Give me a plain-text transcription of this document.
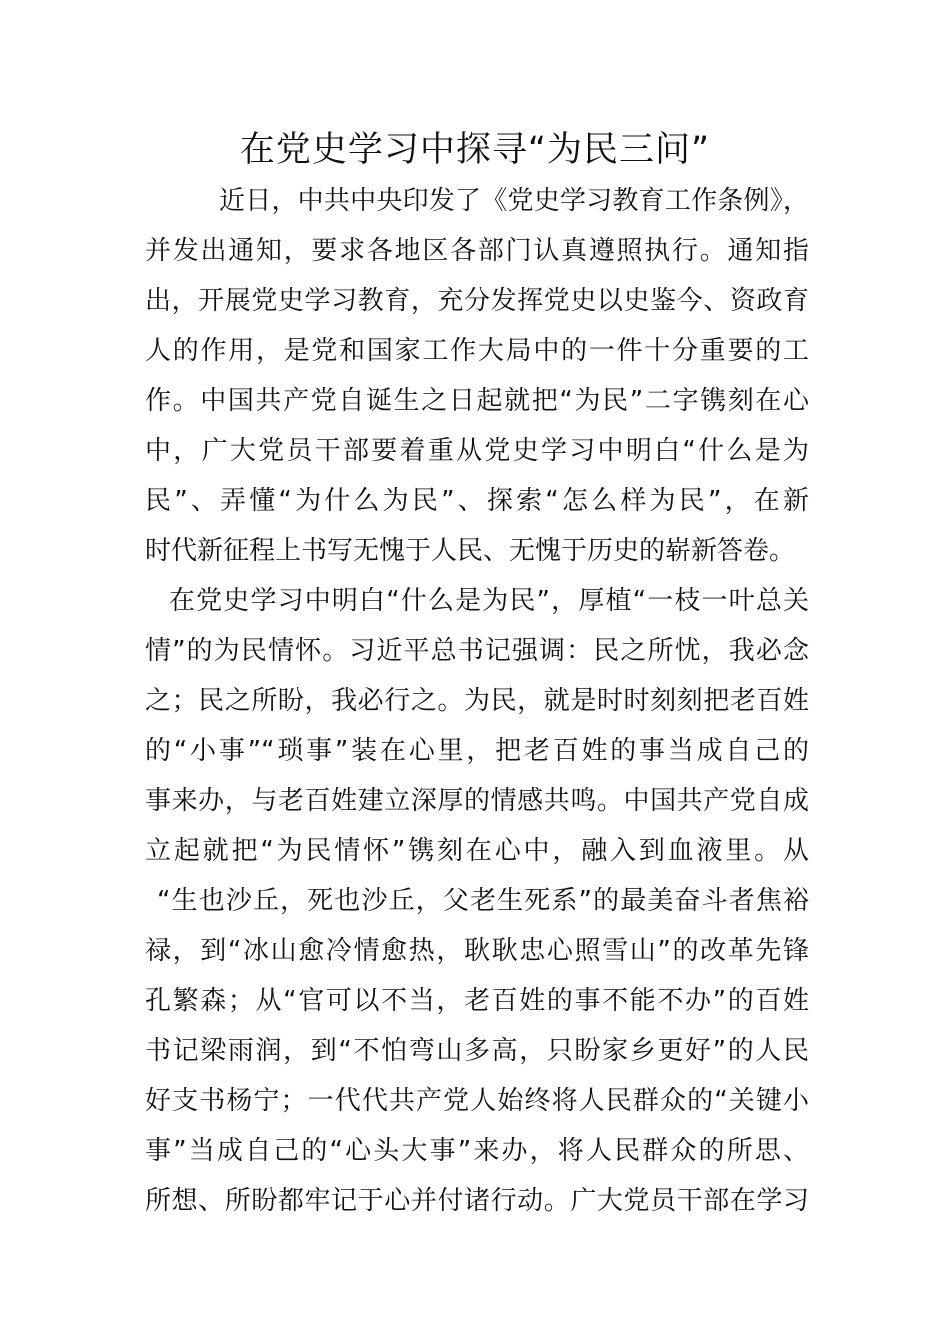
在党史学习中探寻“为民三问”
近日，中共中央印发了《党史学习教育工作条例》，
并发出通知，要求各地区各部门认真遵照执行。通知指
出，开展党史学习教育，充分发挥党史以史鉴今、资政育
人的作用，是党和国家工作大局中的一件十分重要的工
作。中国共产党自诞生之日起就把“为民”二字镌刻在心
中，广大党员干部要着重从党史学习中明白“什么是为
民”、弄懂“为什么为民”、探索“怎么样为民”，在新
时代新征程上书写无愧于人民、无愧于历史的崭新答卷。
在党史学习中明白“什么是为民”，厚植“一枝一叶总关
情”的为民情怀。习近平总书记强调：民之所忧，我必念
之；民之所盼，我必行之。为民，就是时时刻刻把老百姓
的“小事”“琐事”装在心里，把老百姓的事当成自己的
事来办，与老百姓建立深厚的情感共鸣。中国共产党自成
立起就把“为民情怀”镌刻在心中，融入到血液里。从
“生也沙丘，死也沙丘，父老生死系”的最美奋斗者焦裕
禄，到“冰山愈冷情愈热，耿耿忠心照雪山”的改革先锋
孔繁森；从“官可以不当，老百姓的事不能不办”的百姓
书记梁雨润，到“不怕弯山多高，只盼家乡更好”的人民
好支书杨宁；一代代共产党人始终将人民群众的“关键小
事”当成自己的“心头大事”来办，将人民群众的所思、
所想、所盼都牢记于心并付诸行动。广大党员干部在学习
